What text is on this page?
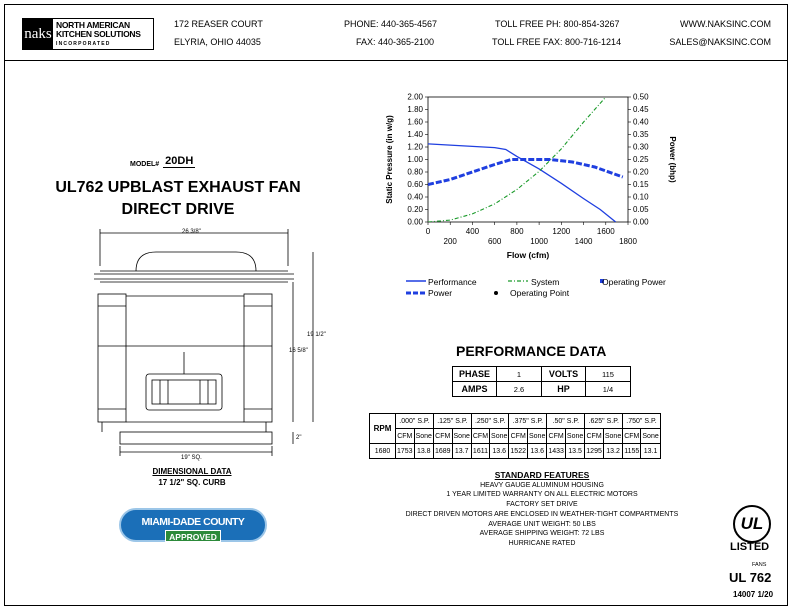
naks
NORTH AMERICAN
KITCHEN SOLUTIONS
INCORPORATED
172 REASER COURT
ELYRIA, OHIO 44035
PHONE: 440-365-4567
FAX: 440-365-2100
TOLL FREE PH: 800-854-3267
TOLL FREE FAX: 800-716-1214
WWW.NAKSINC.COM
SALES@NAKSINC.COM
MODEL# 20DH
UL762 UPBLAST EXHAUST FAN
DIRECT DRIVE
26 3/8"
19 1/2"
16 5/8"
2"
19" SQ.
DIMENSIONAL DATA
17 1/2" SQ. CURB
MIAMI-DADE COUNTY
APPROVED
0.00
0.20
0.40
0.60
0.80
1.00
1.20
1.40
1.60
1.80
2.00
0.00
0.05
0.10
0.15
0.20
0.25
0.30
0.35
0.40
0.45
0.50
0
200
400
600
800
1000
1200
1400
1600
1800
Flow (cfm)
Static Pressure (in w/g)	Power (bhp)
Performance	System	Operating Power
Power	Operating Point
PERFORMANCE DATA
PHASE	1	VOLTS	115
AMPS	2.6	HP	1/4
RPM	.000" S.P.		.125" S.P.		.250" S.P.		.375" S.P.		.50" S.P.		.625" S.P.		.750" S.P.	
	CFM	Sone	CFM	Sone	CFM	Sone	CFM	Sone	CFM	Sone	CFM	Sone	CFM	Sone
1680	1753	13.8	1689	13.7	1611	13.6	1522	13.6	1433	13.5	1295	13.2	1155	13.1
STANDARD FEATURES
HEAVY GAUGE ALUMINUM HOUSING
1 YEAR LIMITED WARRANTY ON ALL ELECTRIC MOTORS
FACTORY SET DRIVE
DIRECT DRIVEN MOTORS ARE ENCLOSED IN WEATHER-TIGHT COMPARTMENTS
AVERAGE UNIT WEIGHT: 50 LBS
AVERAGE SHIPPING WEIGHT: 72 LBS
HURRICANE RATED
UL
LISTED
FANS
UL 762
14007 1/20
